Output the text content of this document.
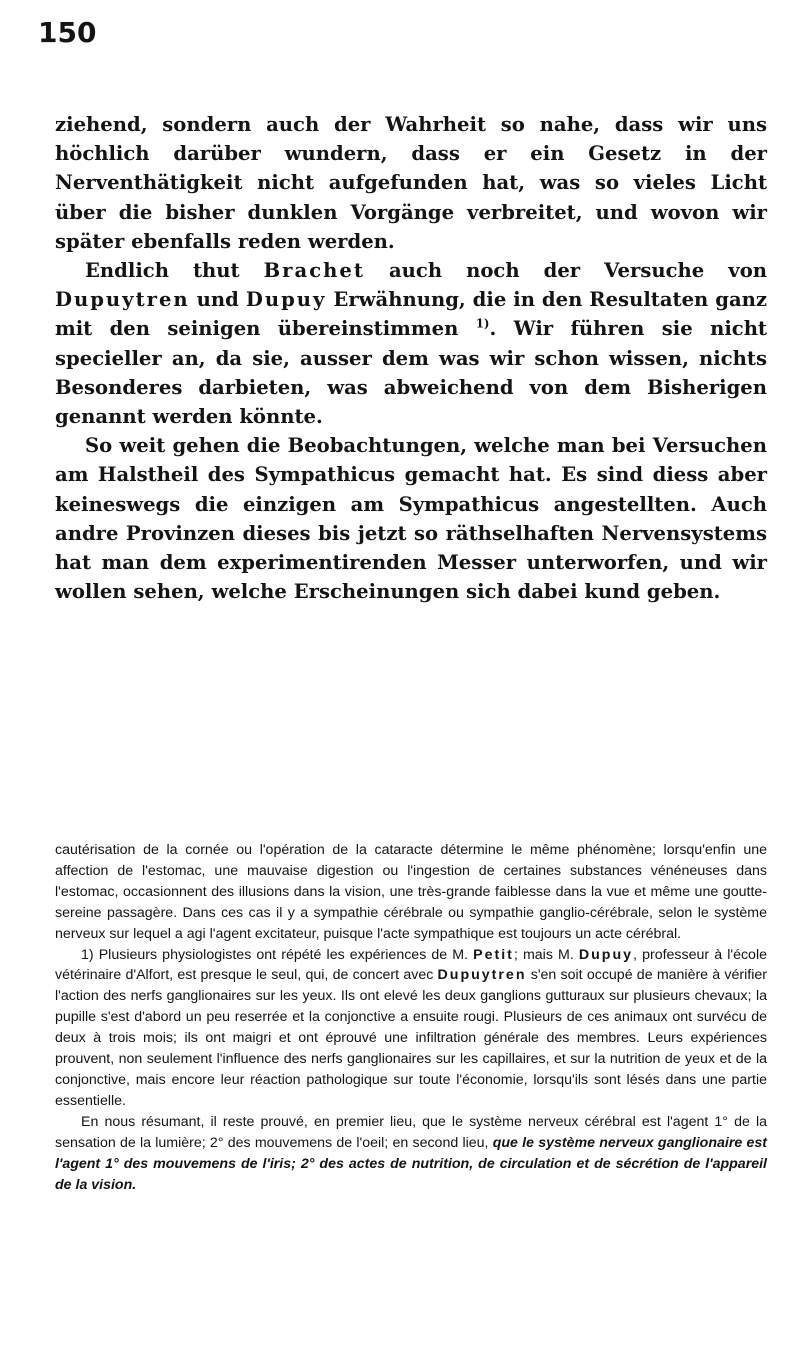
150

ziehend, sondern auch der Wahrheit so nahe, dass wir uns höchlich darüber wundern, dass er ein Gesetz in der Nerventhätigkeit nicht aufgefunden hat, was so vieles Licht über die bisher dunklen Vorgänge verbreitet, und wovon wir später ebenfalls reden werden.

Endlich thut Brachet auch noch der Versuche von Dupuytren und Dupuy Erwähnung, die in den Resultaten ganz mit den seinigen übereinstimmen $^{1)}$. Wir führen sie nicht specieller an, da sie, ausser dem was wir schon wissen, nichts Besonderes darbieten, was abweichend von dem Bisherigen genannt werden könnte.

So weit gehen die Beobachtungen, welche man bei Versuchen am Halstheil des Sympathicus gemacht hat. Es sind diess aber keineswegs die einzigen am Sympathicus angestellten. Auch andre Provinzen dieses bis jetzt so räthselhaften Nervensystems hat man dem experimentirenden Messer unterworfen, und wir wollen sehen, welche Erscheinungen sich dabei kund geben.

cautérisation de la cornée ou l'opération de la cataracte détermine le même phénomène; lorsqu'enfin une affection de l'estomac, une mauvaise digestion ou l'ingestion de certaines substances vénéneuses dans l'estomac, occasionnent des illusions dans la vision, une très-grande faiblesse dans la vue et même une goutte-sereine passagère. Dans ces cas il y a sympathie cérébrale ou sympathie ganglio-cérébrale, selon le système nerveux sur lequel a agi l'agent excitateur, puisque l'acte sympathique est toujours un acte cérébral.

1) Plusieurs physiologistes ont répété les expériences de M. Petit; mais M. Dupuy, professeur à l'école vétérinaire d'Alfort, est presque le seul, qui, de concert avec Dupuytren s'en soit occupé de manière à vérifier l'action des nerfs ganglionaires sur les yeux. Ils ont elevé les deux ganglions gutturaux sur plusieurs chevaux; la pupille s'est d'abord un peu reserrée et la conjonctive a ensuite rougi. Plusieurs de ces animaux ont survécu de deux à trois mois; ils ont maigri et ont éprouvé une infiltration générale des membres. Leurs expériences prouvent, non seulement l'influence des nerfs ganglionaires sur les capillaires, et sur la nutrition de yeux et de la conjonctive, mais encore leur réaction pathologique sur toute l'économie, lorsqu'ils sont lésés dans une partie essentielle.

En nous résumant, il reste prouvé, en premier lieu, que le système nerveux cérébral est l'agent 1° de la sensation de la lumière; 2° des mouvemens de l'oeil; en second lieu, que le système nerveux ganglionaire est l'agent 1° des mouvemens de l'iris; 2° des actes de nutrition, de circulation et de sécrétion de l'appareil de la vision.
